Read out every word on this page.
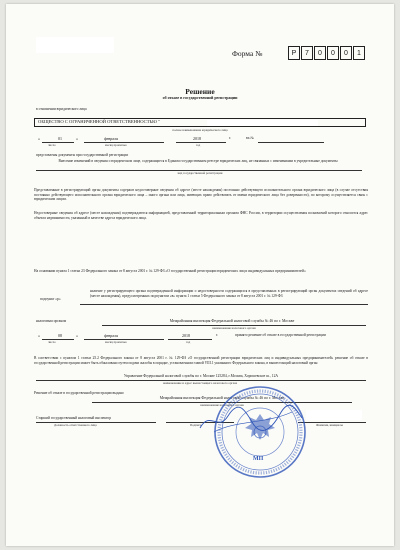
Форма №	Р	7	0	0	0	1
Решение
об отказе в государственной регистрации
в отношении юридического лица
ОБЩЕСТВО С ОГРАНИЧЕННОЙ ОТВЕТСТВЕННОСТЬЮ "
полное наименование юридического лица
«	01	»	февраля	2018	г.	вх.№
число	месяц прописью	год
представлены документы при государственной регистрации
Внесение изменений в сведения о юридическом лице, содержащиеся в Едином государственном реестре юридических лиц, не связанных с изменениями в учредительные документы
вид государственной регистрации
Представленные в регистрирующий орган документы содержат недостоверные сведения об адресе (месте нахождения) постоянно действующего исполнительного органа юридического лица (в случае отсутствия постоянно действующего исполнительного органа юридического лица – иного органа или лица, имеющих право действовать от имени юридического лица без доверенности), по которому осуществляется связь с юридическим лицом.
Недостоверные сведения об адресе (месте нахождения) подтверждаются информацией, представленной территориальным органом ФНС России, в территории осуществления полномочий которого относится адрес объекта недвижимости, указанный в качестве адреса юридического лица.
На основании пункта 1 статьи 23 Федерального закона от 8 августа 2001 г. № 129-ФЗ «О государственной регистрации юридических лиц и индивидуальных предпринимателей»
подпункт «р»
наличие у регистрирующего органа подтвержденной информации о недостоверности содержащихся в представленных в регистрирующий орган документах сведений об адресе (месте нахождения), предусмотренных подпунктом «в» пункта 1 статьи 5 Федерального закона от 8 августа 2001 г. № 129-ФЗ
налоговым органом	Межрайонная инспекция Федеральной налоговой службы № 46 по г. Москве
наименование налогового органа
«	08	»	февраля	2018	г.	принято решение об отказе в государственной регистрации
число	месяц прописью	год
В соответствии с пунктом 1 статьи 25.2 Федерального закона от 8 августа 2001 г. № 129-ФЗ «О государственной регистрации юридических лиц и индивидуальных предпринимателей» решение об отказе в государственной регистрации может быть обжаловано путем подачи жалобы в порядке, установленном главой VIII.1 указанного Федерального закона, в вышестоящий налоговый орган
Управление Федеральной налоговой службы по г. Москве 125284, г.Москва, Хорошевское ш., 12А
наименование и адрес вышестоящего налогового органа
Решение об отказе в государственной регистрации выдано
Межрайонная инспекция Федеральной налоговой службы № 46 по г. Москве
наименование налогового органа
Старший государственный налоговый инспектор
Должность ответственного лица	Подпись	Фамилия, инициалы
МП
